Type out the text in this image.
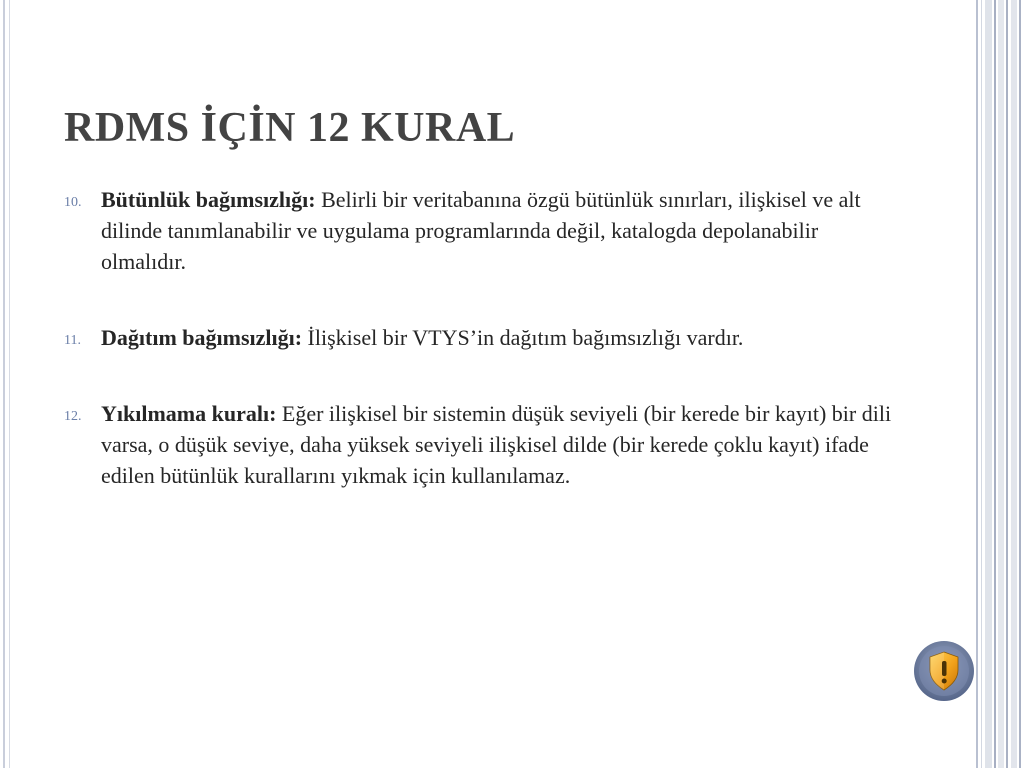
RDMS İÇİN 12 KURAL
10. Bütünlük bağımsızlığı: Belirli bir veritabanına özgü bütünlük sınırları, ilişkisel ve alt dilinde tanımlanabilir ve uygulama programlarında değil, katalogda depolanabilir olmalıdır.
11. Dağıtım bağımsızlığı: İlişkisel bir VTYS’in dağıtım bağımsızlığı vardır.
12. Yıkılmama kuralı: Eğer ilişkisel bir sistemin düşük seviyeli (bir kerede bir kayıt) bir dili varsa, o düşük seviye, daha yüksek seviyeli ilişkisel dilde (bir kerede çoklu kayıt) ifade edilen bütünlük kurallarını yıkmak için kullanılamaz.
